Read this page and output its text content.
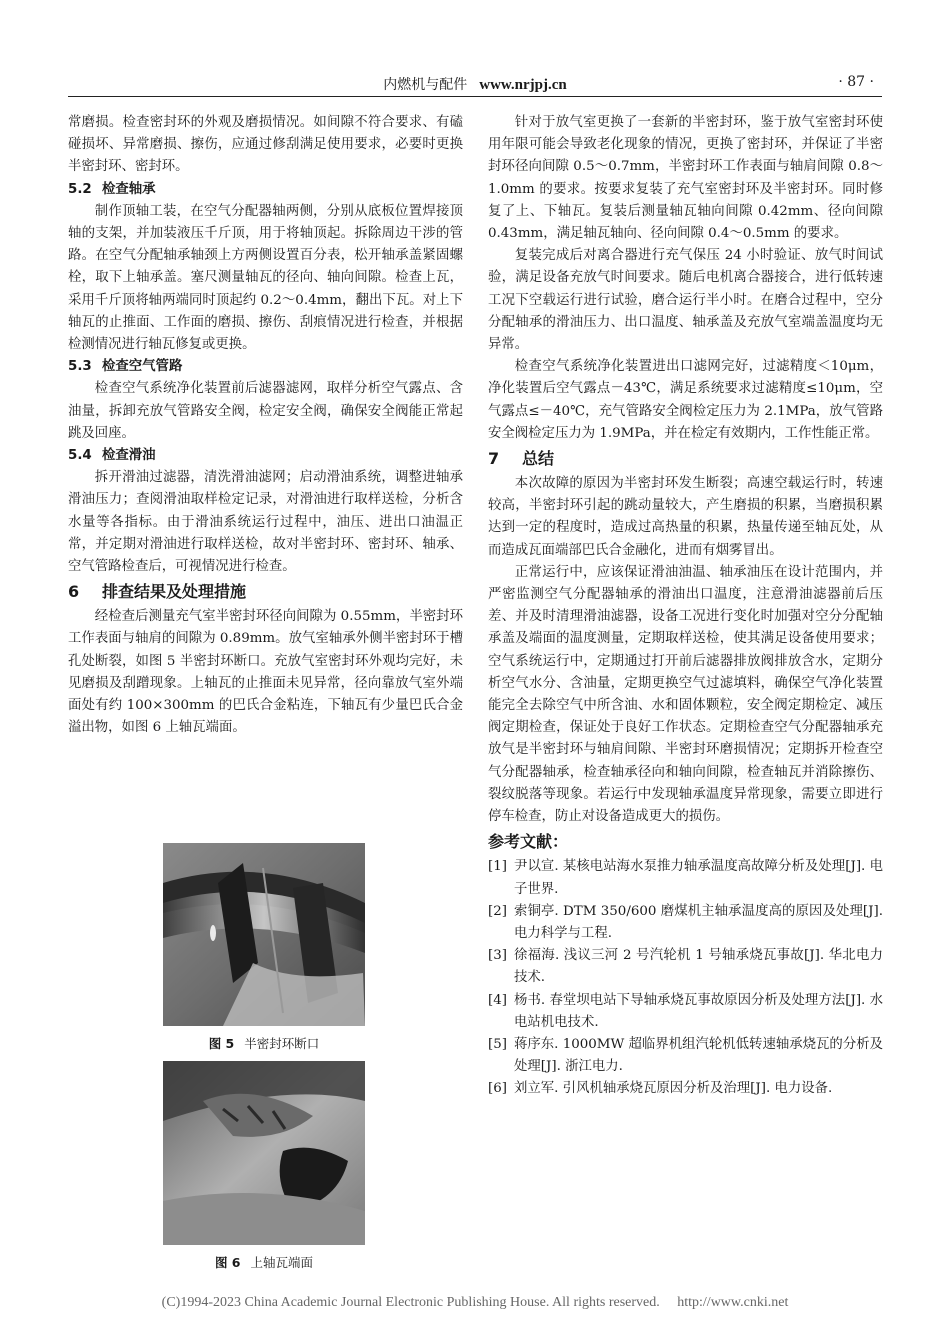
内燃机与配件 www.nrjpj.cn	· 87 ·

常磨损。检查密封环的外观及磨损情况。如间隙不符合要求、有磕碰损坏、异常磨损、擦伤，应通过修刮满足使用要求，必要时更换半密封环、密封环。

5.2 检查轴承

制作顶轴工装，在空气分配器轴两侧，分别从底板位置焊接顶轴的支架，并加装液压千斤顶，用于将轴顶起。拆除周边干涉的管路。在空气分配轴承轴颈上方两侧设置百分表，松开轴承盖紧固螺栓，取下上轴承盖。塞尺测量轴瓦的径向、轴向间隙。检查上瓦，采用千斤顶将轴两端同时顶起约 0.2～0.4mm，翻出下瓦。对上下轴瓦的止推面、工作面的磨损、擦伤、刮痕情况进行检查，并根据检测情况进行轴瓦修复或更换。

5.3 检查空气管路

检查空气系统净化装置前后滤器滤网，取样分析空气露点、含油量，拆卸充放气管路安全阀，检定安全阀，确保安全阀能正常起跳及回座。

5.4 检查滑油

拆开滑油过滤器，清洗滑油滤网；启动滑油系统，调整进轴承滑油压力；查阅滑油取样检定记录，对滑油进行取样送检，分析含水量等各指标。由于滑油系统运行过程中，油压、进出口油温正常，并定期对滑油进行取样送检，故对半密封环、密封环、轴承、空气管路检查后，可视情况进行检查。

6 排查结果及处理措施

经检查后测量充气室半密封环径向间隙为 0.55mm，半密封环工作表面与轴肩的间隙为 0.89mm。放气室轴承外侧半密封环于槽孔处断裂，如图 5 半密封环断口。充放气室密封环外观均完好，未见磨损及刮蹭现象。上轴瓦的止推面未见异常，径向靠放气室外端面处有约 100×300mm 的巴氏合金粘连，下轴瓦有少量巴氏合金溢出物，如图 6 上轴瓦端面。

图 5 半密封环断口
图 6 上轴瓦端面

针对于放气室更换了一套新的半密封环，鉴于放气室密封环使用年限可能会导致老化现象的情况，更换了密封环，并保证了半密封环径向间隙 0.5～0.7mm，半密封环工作表面与轴肩间隙 0.8～1.0mm 的要求。按要求复装了充气室密封环及半密封环。同时修复了上、下轴瓦。复装后测量轴瓦轴向间隙 0.42mm、径向间隙 0.43mm，满足轴瓦轴向、径向间隙 0.4～0.5mm 的要求。

复装完成后对离合器进行充气保压 24 小时验证、放气时间试验，满足设备充放气时间要求。随后电机离合器接合，进行低转速工况下空载运行进行试验，磨合运行半小时。在磨合过程中，空分分配轴承的滑油压力、出口温度、轴承盖及充放气室端盖温度均无异常。

检查空气系统净化装置进出口滤网完好，过滤精度＜10μm，净化装置后空气露点－43℃，满足系统要求过滤精度≤10μm，空气露点≤－40℃，充气管路安全阀检定压力为 2.1MPa，放气管路安全阀检定压力为 1.9MPa，并在检定有效期内，工作性能正常。

7 总结

本次故障的原因为半密封环发生断裂；高速空载运行时，转速较高，半密封环引起的跳动量较大，产生磨损的积累，当磨损积累达到一定的程度时，造成过高热量的积累，热量传递至轴瓦处，从而造成瓦面端部巴氏合金融化，进而有烟雾冒出。

正常运行中，应该保证滑油油温、轴承油压在设计范围内，并严密监测空气分配器轴承的滑油出口温度，注意滑油滤器前后压差、并及时清理滑油滤器，设备工况进行变化时加强对空分分配轴承盖及端面的温度测量，定期取样送检，使其满足设备使用要求；空气系统运行中，定期通过打开前后滤器排放阀排放含水，定期分析空气水分、含油量，定期更换空气过滤填料，确保空气净化装置能完全去除空气中所含油、水和固体颗粒，安全阀定期检定、减压阀定期检查，保证处于良好工作状态。定期检查空气分配器轴承充放气是半密封环与轴肩间隙、半密封环磨损情况；定期拆开检查空气分配器轴承，检查轴承径向和轴向间隙，检查轴瓦并消除擦伤、裂纹脱落等现象。若运行中发现轴承温度异常现象，需要立即进行停车检查，防止对设备造成更大的损伤。

参考文献：
[1] 尹以宣. 某核电站海水泵推力轴承温度高故障分析及处理[J]. 电子世界.
[2] 索铜亭. DTM 350/600 磨煤机主轴承温度高的原因及处理[J]. 电力科学与工程.
[3] 徐福海. 浅议三河 2 号汽轮机 1 号轴承烧瓦事故[J]. 华北电力技术.
[4] 杨书. 春堂坝电站下导轴承烧瓦事故原因分析及处理方法[J]. 水电站机电技术.
[5] 蒋序东. 1000MW 超临界机组汽轮机低转速轴承烧瓦的分析及处理[J]. 浙江电力.
[6] 刘立军. 引风机轴承烧瓦原因分析及治理[J]. 电力设备.
(C)1994-2023 China Academic Journal Electronic Publishing House. All rights reserved. http://www.cnki.net
